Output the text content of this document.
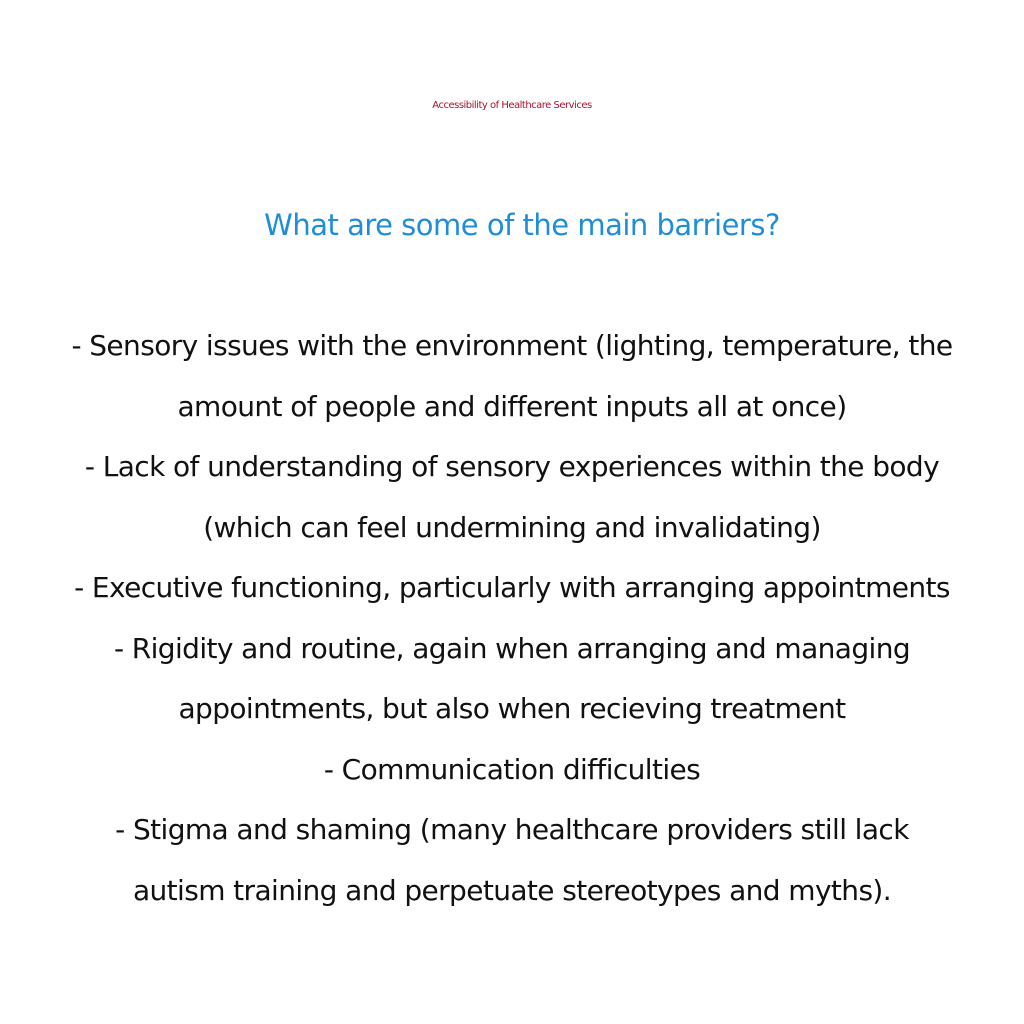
Accessibility of Healthcare Services
What are some of the main barriers?
- Sensory issues with the environment (lighting, temperature, the
amount of people and different inputs all at once)
- Lack of understanding of sensory experiences within the body
(which can feel undermining and invalidating)
- Executive functioning, particularly with arranging appointments
- Rigidity and routine, again when arranging and managing
appointments, but also when recieving treatment
- Communication difficulties
- Stigma and shaming (many healthcare providers still lack
autism training and perpetuate stereotypes and myths).
